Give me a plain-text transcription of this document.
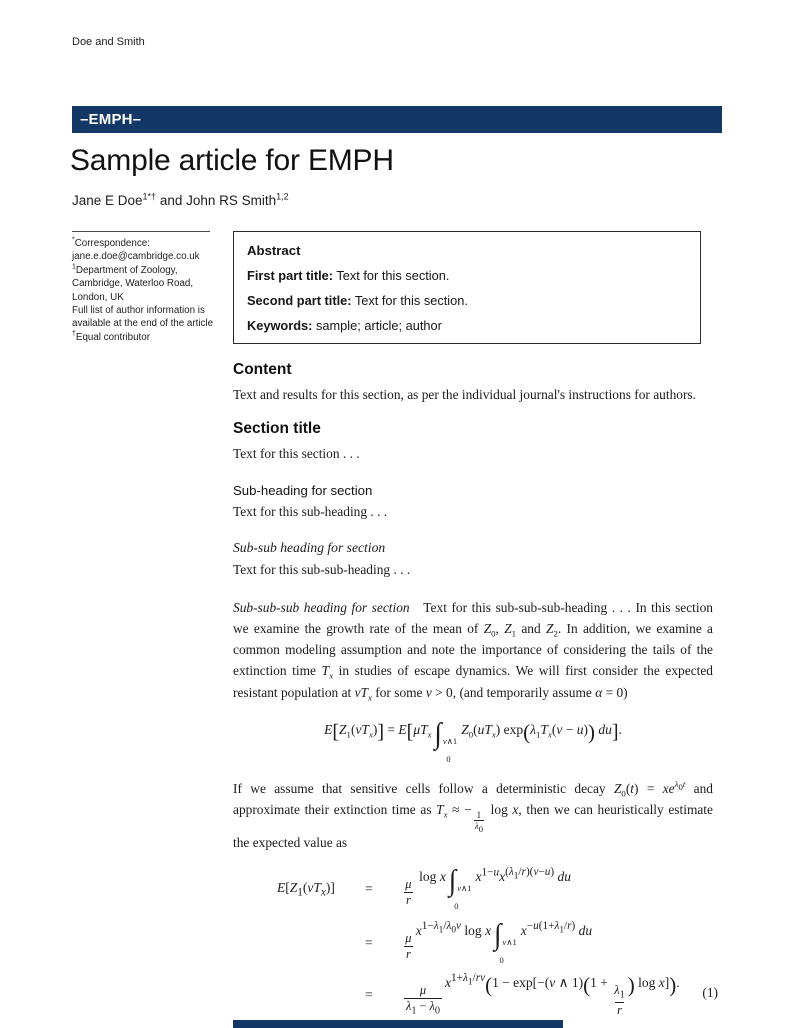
Doe and Smith
–EMPH–
Sample article for EMPH
Jane E Doe$^{1*\dagger}$ and John RS Smith$^{1,2}$
*Correspondence:
jane.e.doe@cambridge.co.uk
$^1$Department of Zoology,
Cambridge, Waterloo Road,
London, UK
Full list of author information is
available at the end of the article
†Equal contributor
Abstract
First part title: Text for this section.
Second part title: Text for this section.
Keywords: sample; article; author
Content

Text and results for this section, as per the individual journal's instructions for authors.

Section title

Text for this section . . .

Sub-heading for section

Text for this sub-heading . . .

Sub-sub heading for section

Text for this sub-sub-heading . . .

Sub-sub-sub heading for section   Text for this sub-sub-sub-heading . . . In this section we examine the growth rate of the mean of $Z_0$, $Z_1$ and $Z_2$. In addition, we examine a common modeling assumption and note the importance of considering the tails of the extinction time $T_x$ in studies of escape dynamics. We will first consider the expected resistant population at $vT_x$ for some v > 0, (and temporarily assume α = 0)

$E[Z_1(vT_x)] = E[\mu T_x$ ∫ v∧1
0
$Z_0(uT_x) \exp(\lambda_1T_x(v - u))$ du].

If we assume that sensitive cells follow a deterministic decay $Z_0(t) = xe^{\lambda_0t}$ and approximate their extinction time as $T_x$ ≈ −
$\frac{1}{\lambda_0}$
log x, then we can heuristically estimate the expected value as

$E[Z_1(vT_x)]$	=	$\frac{\mu}{r}$
log x ∫ v∧1
0
$x^{1-u}x^{(\lambda_1/r)(v-u)}$ du
=	$\frac{\mu}{r}$
$x^{1-\lambda_1/\lambda_0v}$ log x ∫ v∧1
0
$x^{-u(1+\lambda_1/r)}$ du
=	$\frac{\mu}{\lambda_1 - \lambda_0}$
$x^{1+\lambda_1/rv}(1 - \exp[-(v$ ∧ 1)(1 +
$\frac{\lambda_1}{r}$ ) log x]).
(1)
